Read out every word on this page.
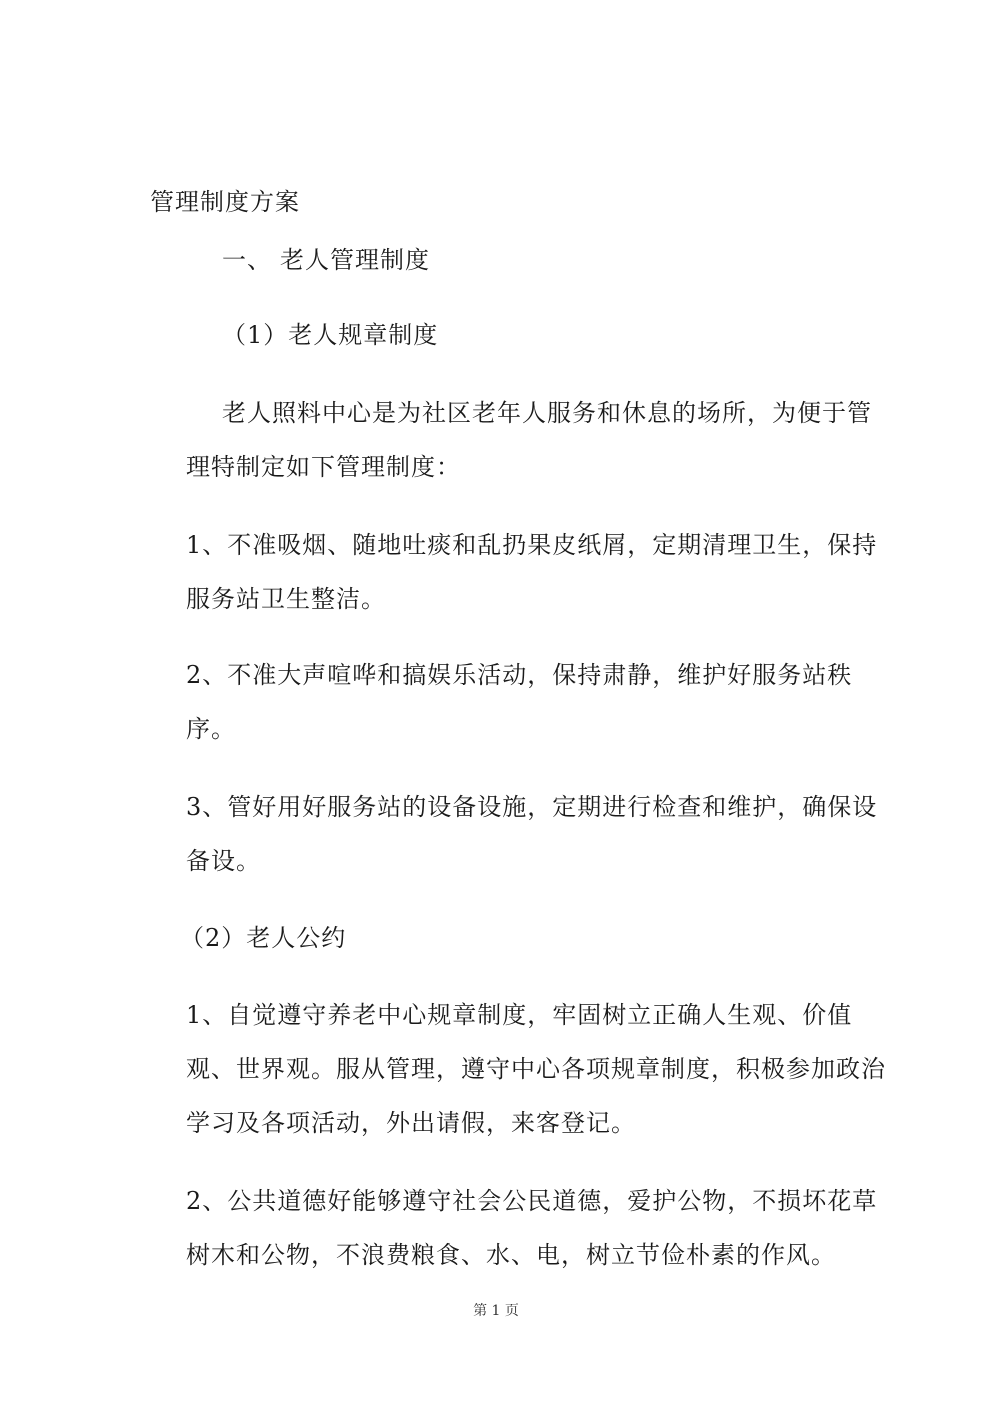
管理制度方案
一、 老人管理制度
（1）老人规章制度
老人照料中心是为社区老年人服务和休息的场所，为便于管
理特制定如下管理制度：
1、不准吸烟、随地吐痰和乱扔果皮纸屑，定期清理卫生，保持
服务站卫生整洁。
2、不准大声喧哗和搞娱乐活动，保持肃静，维护好服务站秩
序。
3、管好用好服务站的设备设施，定期进行检查和维护，确保设
备设。
（2）老人公约
1、自觉遵守养老中心规章制度，牢固树立正确人生观、价值
观、世界观。服从管理，遵守中心各项规章制度，积极参加政治
学习及各项活动，外出请假，来客登记。
2、公共道德好能够遵守社会公民道德，爱护公物，不损坏花草
树木和公物，不浪费粮食、水、电，树立节俭朴素的作风。
第 1 页
